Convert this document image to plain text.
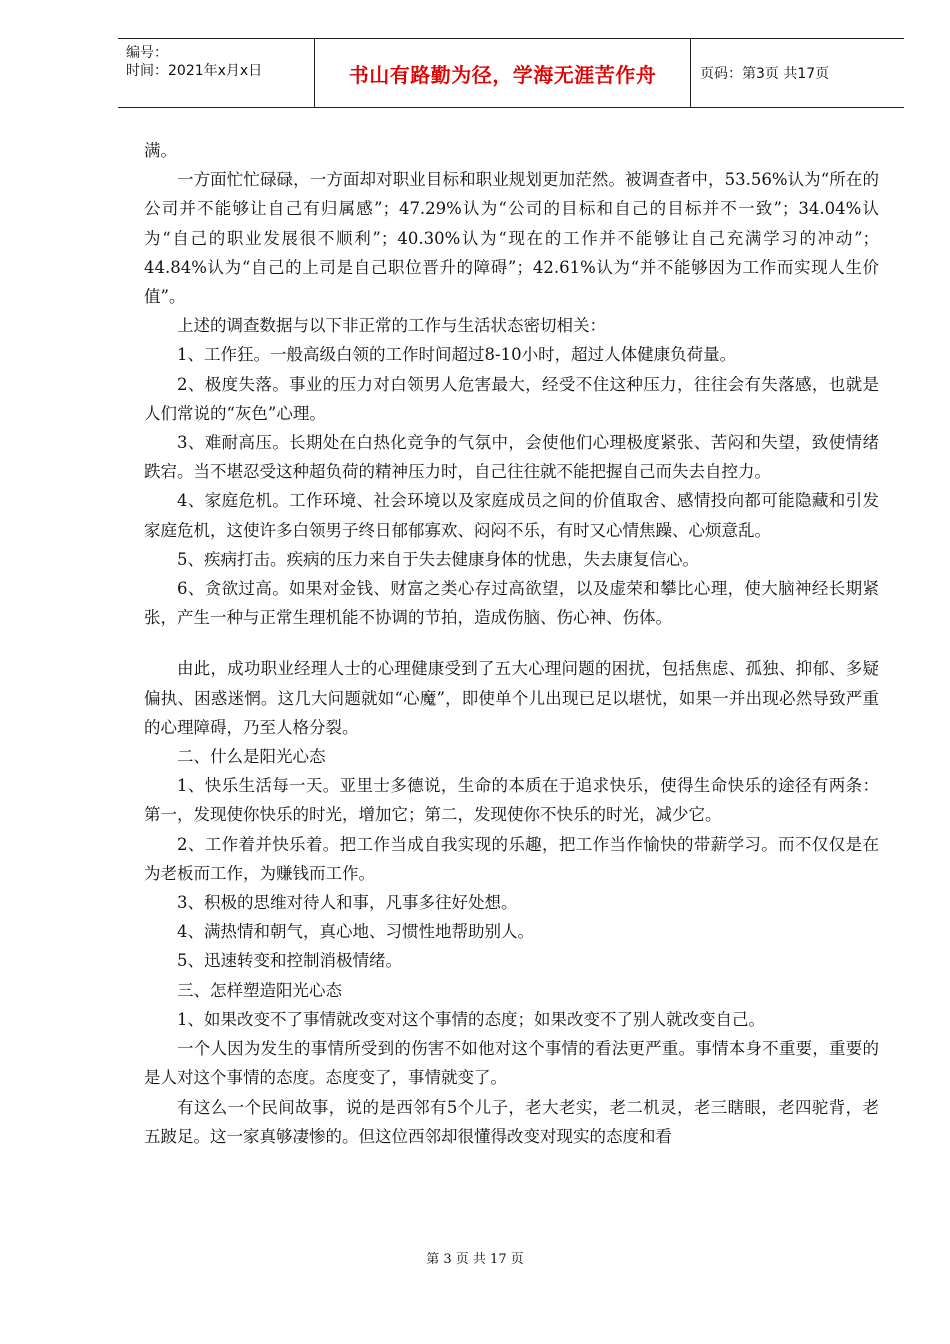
编号：
时间：2021年x月x日	书山有路勤为径，学海无涯苦作舟	页码：第3页 共17页

满。

一方面忙忙碌碌，一方面却对职业目标和职业规划更加茫然。被调查者中，53.56%认为“所在的公司并不能够让自己有归属感”；47.29%认为“公司的目标和自己的目标并不一致”；34.04%认为“自己的职业发展很不顺利”；40.30%认为“现在的工作并不能够让自己充满学习的冲动”；44.84%认为“自己的上司是自己职位晋升的障碍”；42.61%认为“并不能够因为工作而实现人生价值”。

上述的调查数据与以下非正常的工作与生活状态密切相关：

1、工作狂。一般高级白领的工作时间超过8-10小时，超过人体健康负荷量。

2、极度失落。事业的压力对白领男人危害最大，经受不住这种压力，往往会有失落感，也就是人们常说的“灰色”心理。

3、难耐高压。长期处在白热化竞争的气氛中，会使他们心理极度紧张、苦闷和失望，致使情绪跌宕。当不堪忍受这种超负荷的精神压力时，自己往往就不能把握自己而失去自控力。

4、家庭危机。工作环境、社会环境以及家庭成员之间的价值取舍、感情投向都可能隐藏和引发家庭危机，这使许多白领男子终日郁郁寡欢、闷闷不乐，有时又心情焦躁、心烦意乱。

5、疾病打击。疾病的压力来自于失去健康身体的忧患，失去康复信心。

6、贪欲过高。如果对金钱、财富之类心存过高欲望，以及虚荣和攀比心理，使大脑神经长期紧张，产生一种与正常生理机能不协调的节拍，造成伤脑、伤心神、伤体。

由此，成功职业经理人士的心理健康受到了五大心理问题的困扰，包括焦虑、孤独、抑郁、多疑偏执、困惑迷惘。这几大问题就如“心魔”，即使单个儿出现已足以堪忧，如果一并出现必然导致严重的心理障碍，乃至人格分裂。

二、什么是阳光心态

1、快乐生活每一天。亚里士多德说，生命的本质在于追求快乐，使得生命快乐的途径有两条：第一，发现使你快乐的时光，增加它；第二，发现使你不快乐的时光，减少它。

2、工作着并快乐着。把工作当成自我实现的乐趣，把工作当作愉快的带薪学习。而不仅仅是在为老板而工作，为赚钱而工作。

3、积极的思维对待人和事，凡事多往好处想。

4、满热情和朝气，真心地、习惯性地帮助别人。

5、迅速转变和控制消极情绪。

三、怎样塑造阳光心态

1、如果改变不了事情就改变对这个事情的态度；如果改变不了别人就改变自己。

一个人因为发生的事情所受到的伤害不如他对这个事情的看法更严重。事情本身不重要，重要的是人对这个事情的态度。态度变了，事情就变了。

有这么一个民间故事，说的是西邻有5个儿子，老大老实，老二机灵，老三瞎眼，老四驼背，老五跛足。这一家真够凄惨的。但这位西邻却很懂得改变对现实的态度和看

第 3 页 共 17 页
